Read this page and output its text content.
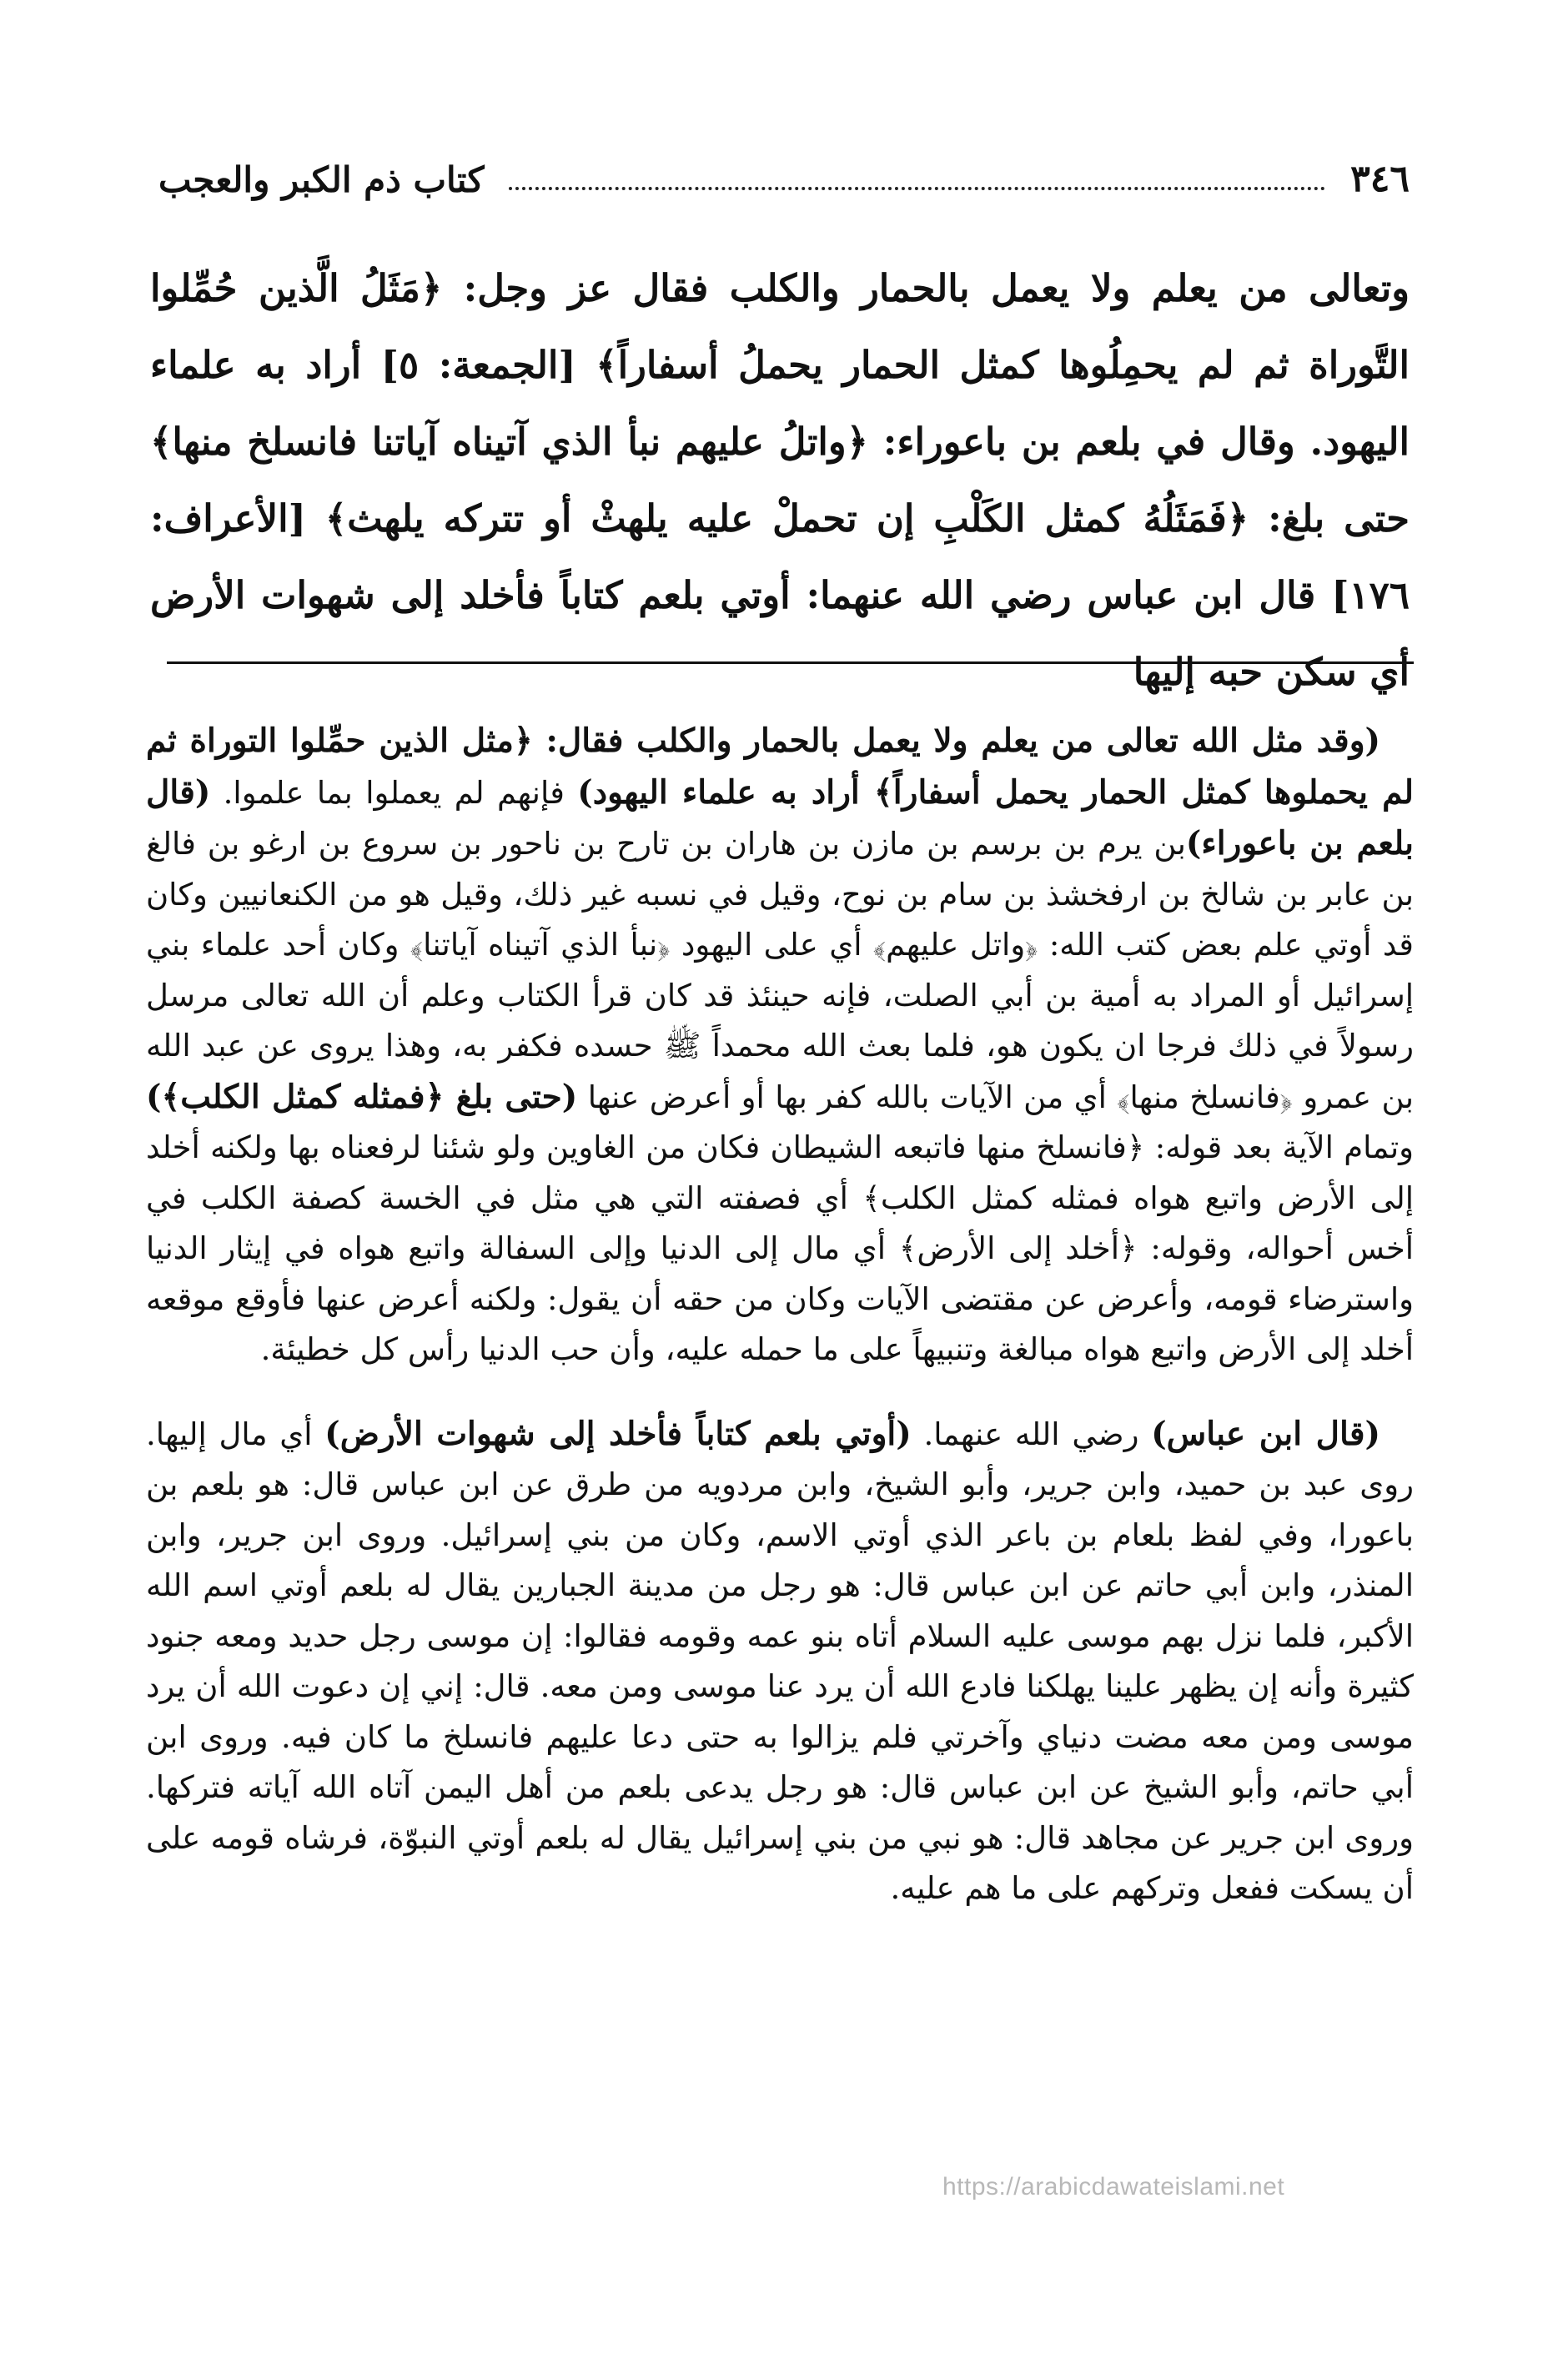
٣٤٦
كتاب ذم الكبر والعجب
وتعالى من يعلم ولا يعمل بالحمار والكلب فقال عز وجل: ﴿مَثَلُ الَّذين حُمِّلوا التَّوراة ثم لم يحمِلُوها كمثل الحمار يحملُ أسفاراً﴾ [الجمعة: ٥] أراد به علماء اليهود. وقال في بلعم بن باعوراء: ﴿واتلُ عليهم نبأ الذي آتيناه آياتنا فانسلخ منها﴾ حتى بلغ: ﴿فَمَثَلُهُ كمثل الكَلْبِ إن تحملْ عليه يلهثْ أو تتركه يلهث﴾ [الأعراف: ١٧٦] قال ابن عباس رضي الله عنهما: أوتي بلعم كتاباً فأخلد إلى شهوات الأرض أي سكن حبه إليها

(وقد مثل الله تعالى من يعلم ولا يعمل بالحمار والكلب فقال: ﴿مثل الذين حمِّلوا التوراة ثم لم يحملوها كمثل الحمار يحمل أسفاراً﴾ أراد به علماء اليهود) فإنهم لم يعملوا بما علموا. (قال بلعم بن باعوراء)بن يرم بن برسم بن مازن بن هاران بن تارح بن ناحور بن سروع بن ارغو بن فالغ بن عابر بن شالخ بن ارفخشذ بن سام بن نوح، وقيل في نسبه غير ذلك، وقيل هو من الكنعانيين وكان قد أوتي علم بعض كتب الله: ﴿واتل عليهم﴾ أي على اليهود ﴿نبأ الذي آتيناه آياتنا﴾ وكان أحد علماء بني إسرائيل أو المراد به أمية بن أبي الصلت، فإنه حينئذ قد كان قرأ الكتاب وعلم أن الله تعالى مرسل رسولاً في ذلك فرجا ان يكون هو، فلما بعث الله محمداً ﷺ حسده فكفر به، وهذا يروى عن عبد الله بن عمرو ﴿فانسلخ منها﴾ أي من الآيات بالله كفر بها أو أعرض عنها (حتى بلغ ﴿فمثله كمثل الكلب﴾) وتمام الآية بعد قوله: ﴿فانسلخ منها فاتبعه الشيطان فكان من الغاوين ولو شئنا لرفعناه بها ولكنه أخلد إلى الأرض واتبع هواه فمثله كمثل الكلب﴾ أي فصفته التي هي مثل في الخسة كصفة الكلب في أخس أحواله، وقوله: ﴿أخلد إلى الأرض﴾ أي مال إلى الدنيا وإلى السفالة واتبع هواه في إيثار الدنيا واسترضاء قومه، وأعرض عن مقتضى الآيات وكان من حقه أن يقول: ولكنه أعرض عنها فأوقع موقعه أخلد إلى الأرض واتبع هواه مبالغة وتنبيهاً على ما حمله عليه، وأن حب الدنيا رأس كل خطيئة.

(قال ابن عباس) رضي الله عنهما. (أوتي بلعم كتاباً فأخلد إلى شهوات الأرض) أي مال إليها. روى عبد بن حميد، وابن جرير، وأبو الشيخ، وابن مردويه من طرق عن ابن عباس قال: هو بلعم بن باعورا، وفي لفظ بلعام بن باعر الذي أوتي الاسم، وكان من بني إسرائيل. وروى ابن جرير، وابن المنذر، وابن أبي حاتم عن ابن عباس قال: هو رجل من مدينة الجبارين يقال له بلعم أوتي اسم الله الأكبر، فلما نزل بهم موسى عليه السلام أتاه بنو عمه وقومه فقالوا: إن موسى رجل حديد ومعه جنود كثيرة وأنه إن يظهر علينا يهلكنا فادع الله أن يرد عنا موسى ومن معه. قال: إني إن دعوت الله أن يرد موسى ومن معه مضت دنياي وآخرتي فلم يزالوا به حتى دعا عليهم فانسلخ ما كان فيه. وروى ابن أبي حاتم، وأبو الشيخ عن ابن عباس قال: هو رجل يدعى بلعم من أهل اليمن آتاه الله آياته فتركها. وروى ابن جرير عن مجاهد قال: هو نبي من بني إسرائيل يقال له بلعم أوتي النبوّة، فرشاه قومه على أن يسكت ففعل وتركهم على ما هم عليه.

https://arabicdawateislami.net
